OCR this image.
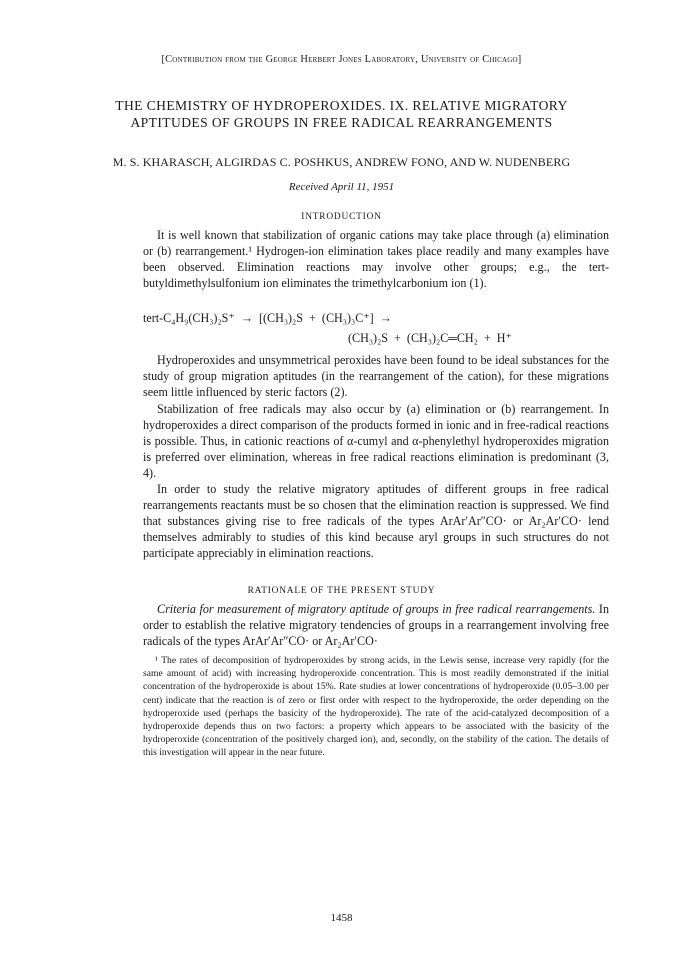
[Contribution from the George Herbert Jones Laboratory, University of Chicago]
THE CHEMISTRY OF HYDROPEROXIDES. IX. RELATIVE MIGRATORY APTITUDES OF GROUPS IN FREE RADICAL REARRANGEMENTS
M. S. KHARASCH, ALGIRDAS C. POSHKUS, ANDREW FONO, AND W. NUDENBERG
Received April 11, 1951
INTRODUCTION

It is well known that stabilization of organic cations may take place through (a) elimination or (b) rearrangement.¹ Hydrogen-ion elimination takes place readily and many examples have been observed. Elimination reactions may involve other groups; e.g., the tert-butyldimethylsulfonium ion eliminates the trimethylcarbonium ion (1).

tert-C₄H₉(CH₃)₂S⁺  →  [(CH₃)₂S  +  (CH₃)₃C⁺]  →
(CH₃)₂S  +  (CH₃)₂C═CH₂  +  H⁺

Hydroperoxides and unsymmetrical peroxides have been found to be ideal substances for the study of group migration aptitudes (in the rearrangement of the cation), for these migrations seem little influenced by steric factors (2).

Stabilization of free radicals may also occur by (a) elimination or (b) rearrangement. In hydroperoxides a direct comparison of the products formed in ionic and in free-radical reactions is possible. Thus, in cationic reactions of α-cumyl and α-phenylethyl hydroperoxides migration is preferred over elimination, whereas in free radical reactions elimination is predominant (3, 4).

In order to study the relative migratory aptitudes of different groups in free radical rearrangements reactants must be so chosen that the elimination reaction is suppressed. We find that substances giving rise to free radicals of the types ArAr′Ar″CO· or Ar₂Ar′CO· lend themselves admirably to studies of this kind because aryl groups in such structures do not participate appreciably in elimination reactions.

RATIONALE OF THE PRESENT STUDY

Criteria for measurement of migratory aptitude of groups in free radical rearrangements. In order to establish the relative migratory tendencies of groups in a rearrangement involving free radicals of the types ArAr′Ar″CO· or Ar₂Ar′CO·

¹ The rates of decomposition of hydroperoxides by strong acids, in the Lewis sense, increase very rapidly (for the same amount of acid) with increasing hydroperoxide concentration. This is most readily demonstrated if the initial concentration of the hydroperoxide is about 15%. Rate studies at lower concentrations of hydroperoxide (0.05–3.00 per cent) indicate that the reaction is of zero or first order with respect to the hydroperoxide, the order depending on the hydroperoxide used (perhaps the basicity of the hydroperoxide). The rate of the acid-catalyzed decomposition of a hydroperoxide depends thus on two factors: a property which appears to be associated with the basicity of the hydroperoxide (concentration of the positively charged ion), and, secondly, on the stability of the cation. The details of this investigation will appear in the near future.

1458
